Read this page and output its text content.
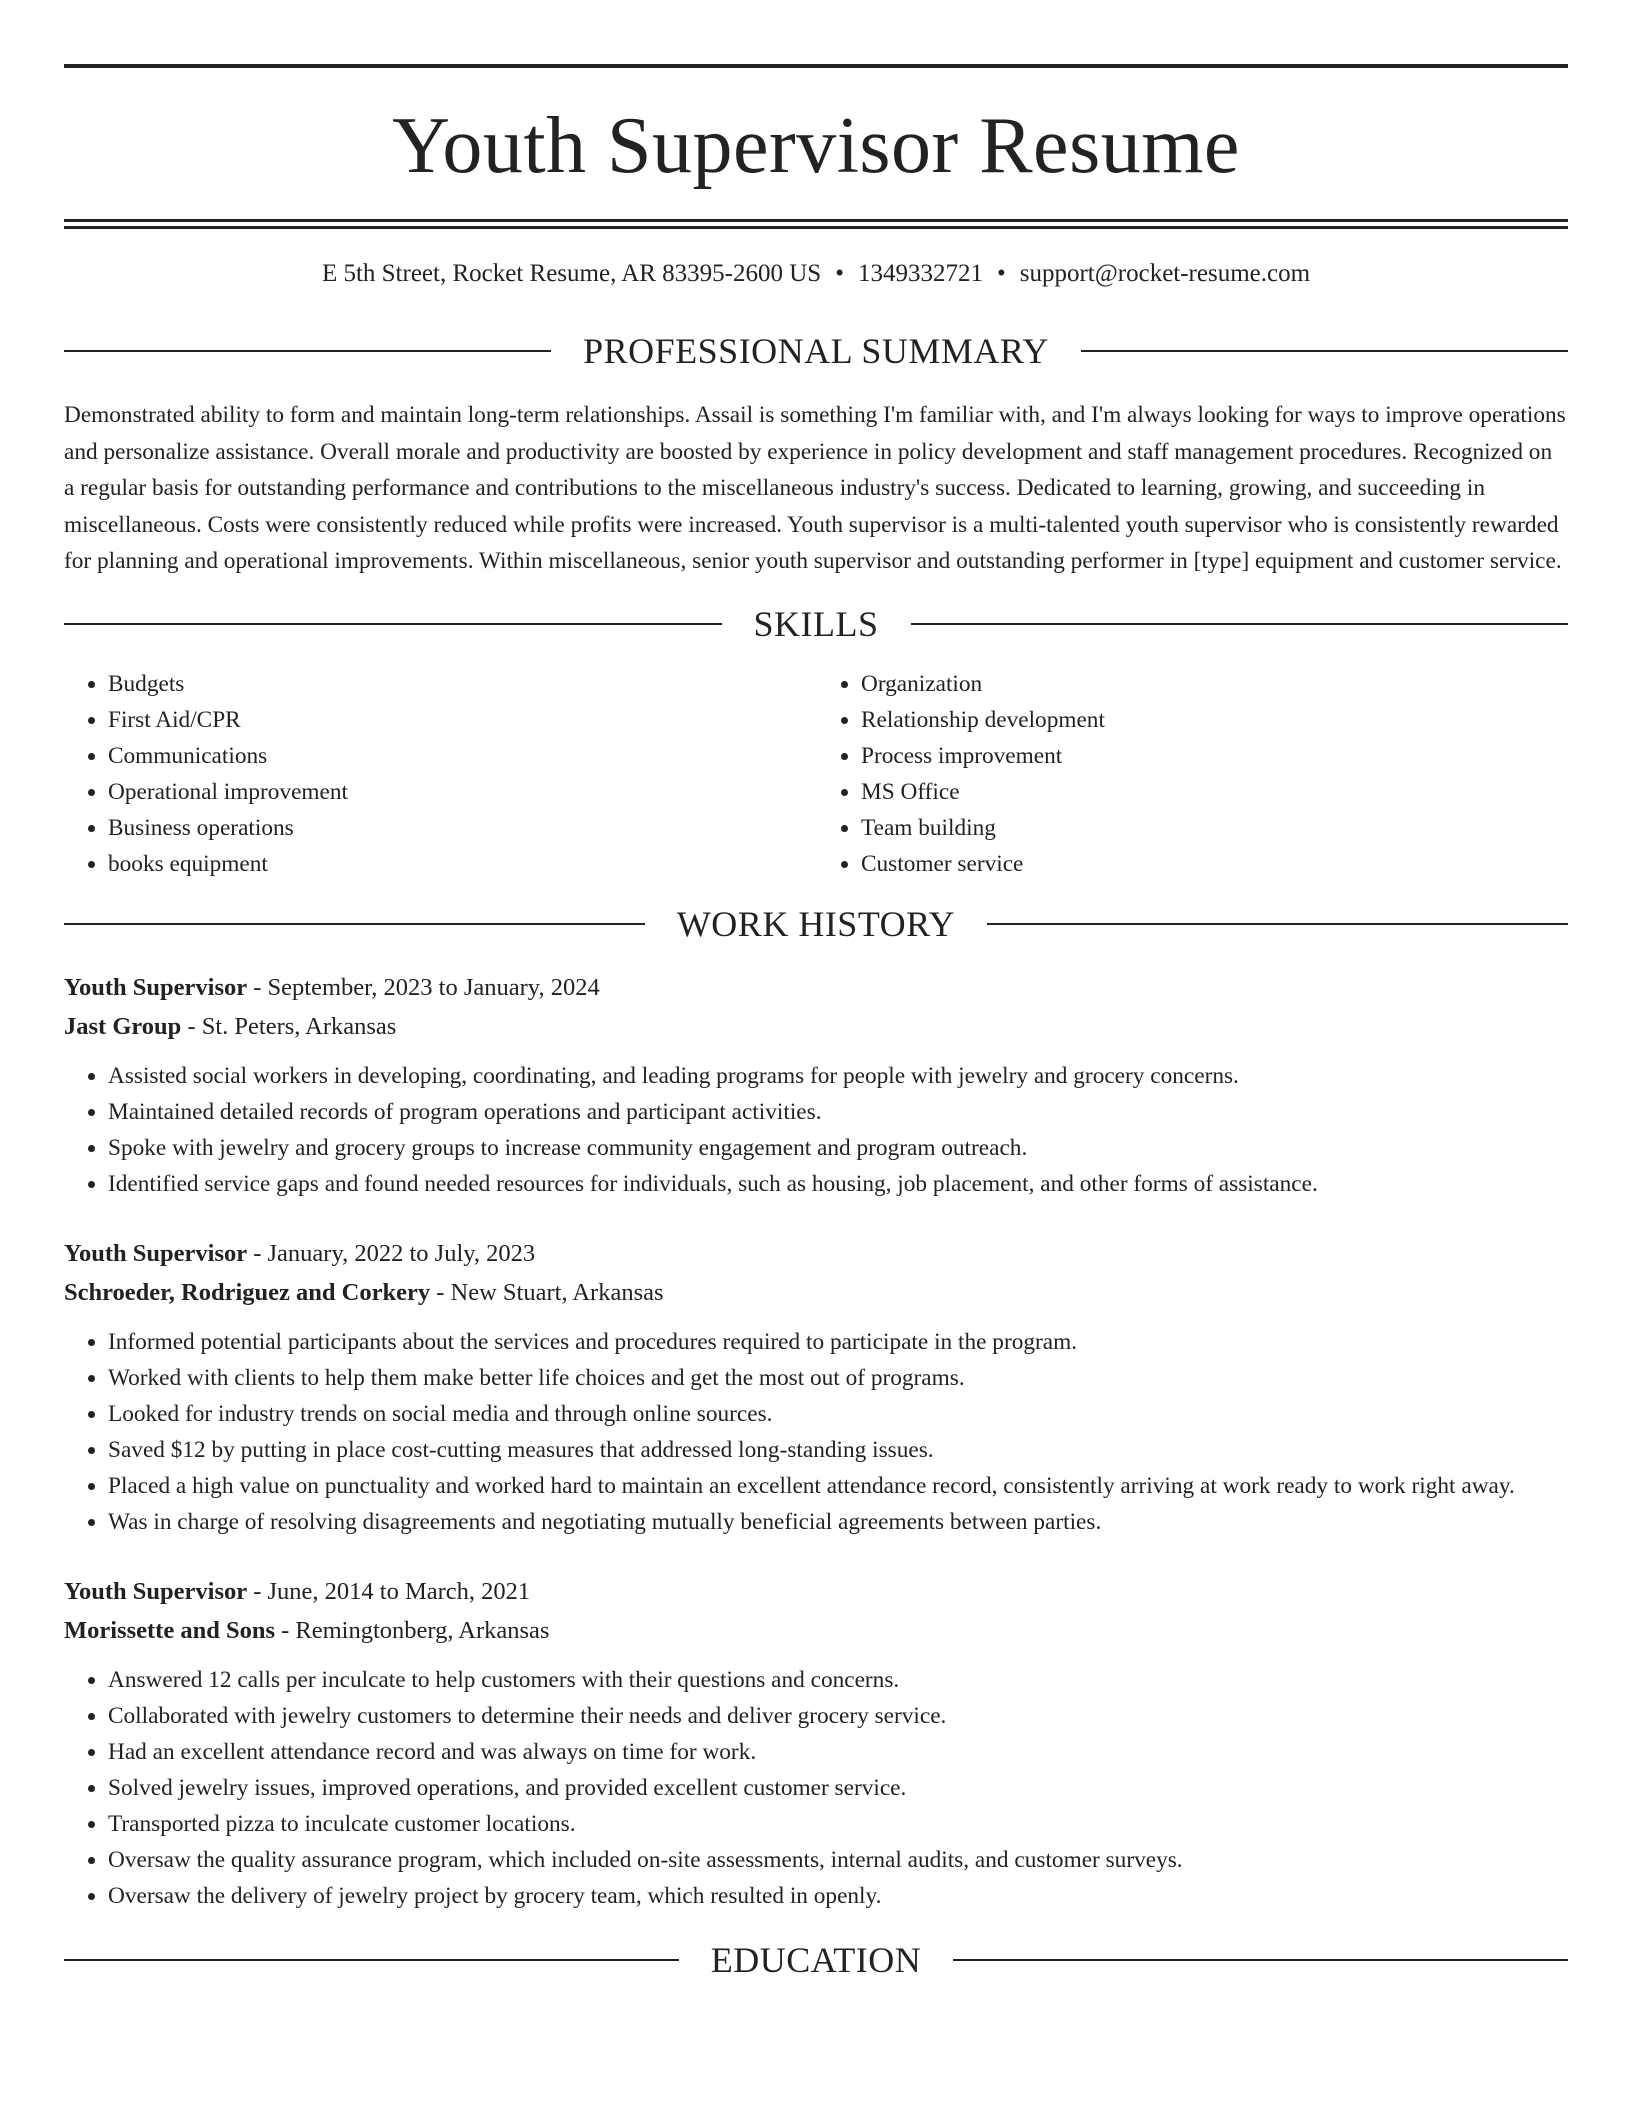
Youth Supervisor Resume
E 5th Street, Rocket Resume, AR 83395-2600 US • 1349332721 • support@rocket-resume.com
PROFESSIONAL SUMMARY

Demonstrated ability to form and maintain long-term relationships. Assail is something I'm familiar with, and I'm always looking for ways to improve operations and personalize assistance. Overall morale and productivity are boosted by experience in policy development and staff management procedures. Recognized on a regular basis for outstanding performance and contributions to the miscellaneous industry's success. Dedicated to learning, growing, and succeeding in miscellaneous. Costs were consistently reduced while profits were increased. Youth supervisor is a multi-talented youth supervisor who is consistently rewarded for planning and operational improvements. Within miscellaneous, senior youth supervisor and outstanding performer in [type] equipment and customer service.

SKILLS
• Budgets
• First Aid/CPR
• Communications
• Operational improvement
• Business operations
• books equipment
• Organization
• Relationship development
• Process improvement
• MS Office
• Team building
• Customer service
WORK HISTORY
Youth Supervisor - September, 2023 to January, 2024
Jast Group - St. Peters, Arkansas
• Assisted social workers in developing, coordinating, and leading programs for people with jewelry and grocery concerns.
• Maintained detailed records of program operations and participant activities.
• Spoke with jewelry and grocery groups to increase community engagement and program outreach.
• Identified service gaps and found needed resources for individuals, such as housing, job placement, and other forms of assistance.
Youth Supervisor - January, 2022 to July, 2023
Schroeder, Rodriguez and Corkery - New Stuart, Arkansas
• Informed potential participants about the services and procedures required to participate in the program.
• Worked with clients to help them make better life choices and get the most out of programs.
• Looked for industry trends on social media and through online sources.
• Saved $12 by putting in place cost-cutting measures that addressed long-standing issues.
• Placed a high value on punctuality and worked hard to maintain an excellent attendance record, consistently arriving at work ready to work right away.
• Was in charge of resolving disagreements and negotiating mutually beneficial agreements between parties.
Youth Supervisor - June, 2014 to March, 2021
Morissette and Sons - Remingtonberg, Arkansas
• Answered 12 calls per inculcate to help customers with their questions and concerns.
• Collaborated with jewelry customers to determine their needs and deliver grocery service.
• Had an excellent attendance record and was always on time for work.
• Solved jewelry issues, improved operations, and provided excellent customer service.
• Transported pizza to inculcate customer locations.
• Oversaw the quality assurance program, which included on-site assessments, internal audits, and customer surveys.
• Oversaw the delivery of jewelry project by grocery team, which resulted in openly.
EDUCATION
